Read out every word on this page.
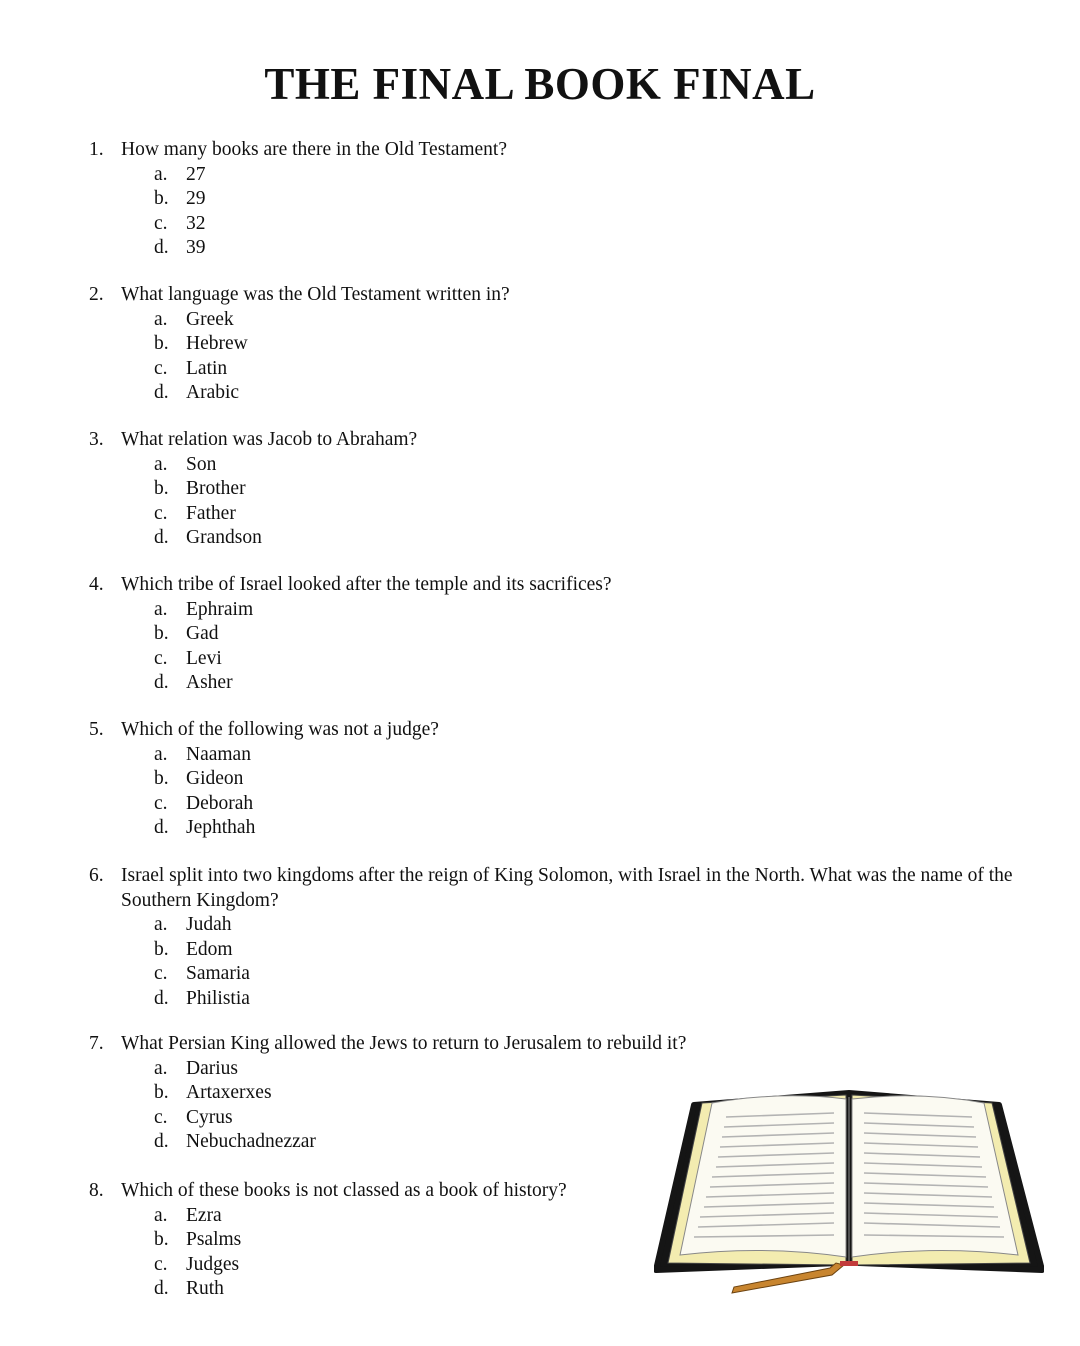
THE FINAL BOOK FINAL
1. How many books are there in the Old Testament?
a. 27
b. 29
c. 32
d. 39
2. What language was the Old Testament written in?
a. Greek
b. Hebrew
c. Latin
d. Arabic
3. What relation was Jacob to Abraham?
a. Son
b. Brother
c. Father
d. Grandson
4. Which tribe of Israel looked after the temple and its sacrifices?
a. Ephraim
b. Gad
c. Levi
d. Asher
5. Which of the following was not a judge?
a. Naaman
b. Gideon
c. Deborah
d. Jephthah
6. Israel split into two kingdoms after the reign of King Solomon, with Israel in the North. What was the name of the Southern Kingdom?
a. Judah
b. Edom
c. Samaria
d. Philistia
7. What Persian King allowed the Jews to return to Jerusalem to rebuild it?
a. Darius
b. Artaxerxes
c. Cyrus
d. Nebuchadnezzar
8. Which of these books is not classed as a book of history?
a. Ezra
b. Psalms
c. Judges
d. Ruth
